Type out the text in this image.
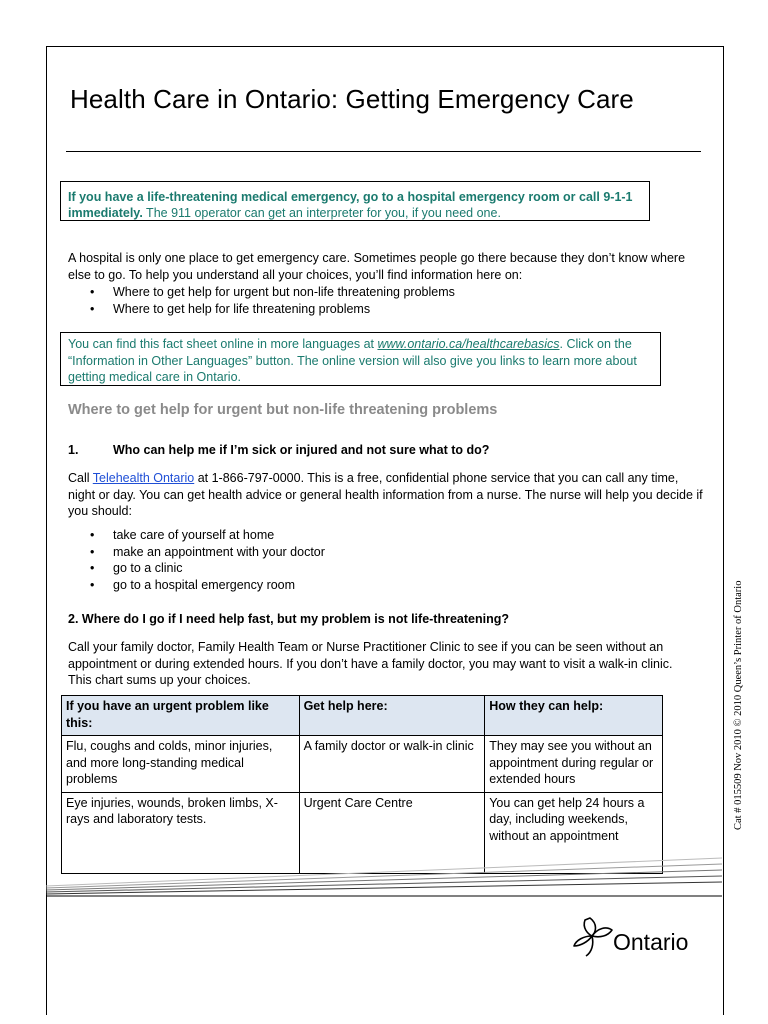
Health Care in Ontario: Getting Emergency Care
If you have a life-threatening medical emergency, go to a hospital emergency room or call 9-1-1 immediately. The 911 operator can get an interpreter for you, if you need one.
A hospital is only one place to get emergency care. Sometimes people go there because they don’t know where else to go. To help you understand all your choices, you’ll find information here on:
• Where to get help for urgent but non-life threatening problems
• Where to get help for life threatening problems
You can find this fact sheet online in more languages at www.ontario.ca/healthcarebasics. Click on the “Information in Other Languages” button. The online version will also give you links to learn more about getting medical care in Ontario.
Where to get help for urgent but non-life threatening problems
1.	Who can help me if I’m sick or injured and not sure what to do?
Call Telehealth Ontario at 1-866-797-0000. This is a free, confidential phone service that you can call any time, night or day. You can get health advice or general health information from a nurse. The nurse will help you decide if you should:
• take care of yourself at home
• make an appointment with your doctor
• go to a clinic
• go to a hospital emergency room
2. Where do I go if I need help fast, but my problem is not life-threatening?
Call your family doctor, Family Health Team or Nurse Practitioner Clinic to see if you can be seen without an appointment or during extended hours. If you don’t have a family doctor, you may want to visit a walk-in clinic. This chart sums up your choices.
If you have an urgent problem like this:	Get help here:	How they can help:
Flu, coughs and colds, minor injuries, and more long-standing medical problems	A family doctor or walk-in clinic	They may see you without an appointment during regular or extended hours
Eye injuries, wounds, broken limbs, X-rays and laboratory tests.	Urgent Care Centre	You can get help 24 hours a day, including weekends, without an appointment
Cat # 015509 Nov 2010 © 2010 Queen’s Printer of Ontario
Ontario
